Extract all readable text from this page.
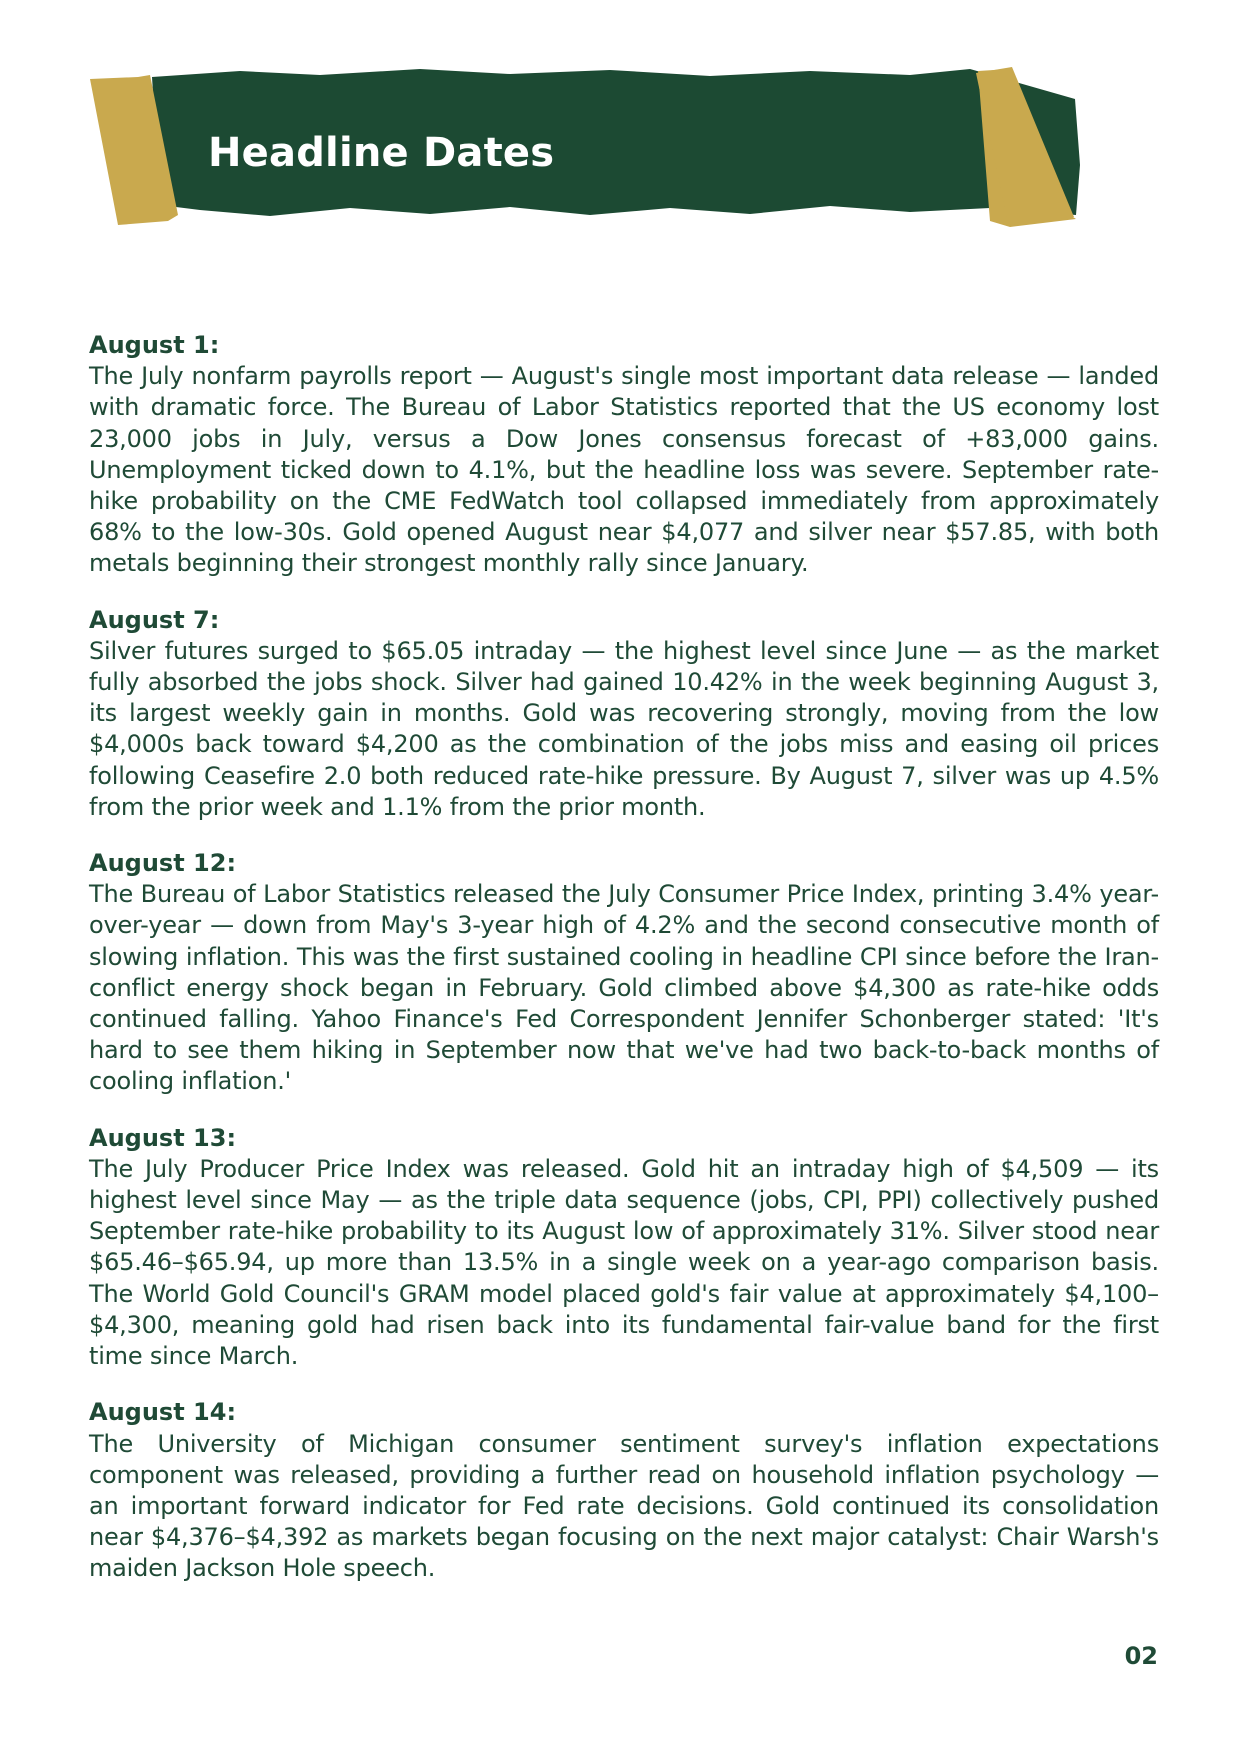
Headline Dates
August 1:
The July nonfarm payrolls report — August's single most important data release — landed with dramatic force. The Bureau of Labor Statistics reported that the US economy lost 23,000 jobs in July, versus a Dow Jones consensus forecast of +83,000 gains. Unemployment ticked down to 4.1%, but the headline loss was severe. September rate-hike probability on the CME FedWatch tool collapsed immediately from approximately 68% to the low-30s. Gold opened August near $4,077 and silver near $57.85, with both metals beginning their strongest monthly rally since January.
August 7:
Silver futures surged to $65.05 intraday — the highest level since June — as the market fully absorbed the jobs shock. Silver had gained 10.42% in the week beginning August 3, its largest weekly gain in months. Gold was recovering strongly, moving from the low $4,000s back toward $4,200 as the combination of the jobs miss and easing oil prices following Ceasefire 2.0 both reduced rate-hike pressure. By August 7, silver was up 4.5% from the prior week and 1.1% from the prior month.
August 12:
The Bureau of Labor Statistics released the July Consumer Price Index, printing 3.4% year-over-year — down from May's 3-year high of 4.2% and the second consecutive month of slowing inflation. This was the first sustained cooling in headline CPI since before the Iran-conflict energy shock began in February. Gold climbed above $4,300 as rate-hike odds continued falling. Yahoo Finance's Fed Correspondent Jennifer Schonberger stated: 'It's hard to see them hiking in September now that we've had two back-to-back months of cooling inflation.'
August 13:
The July Producer Price Index was released. Gold hit an intraday high of $4,509 — its highest level since May — as the triple data sequence (jobs, CPI, PPI) collectively pushed September rate-hike probability to its August low of approximately 31%. Silver stood near $65.46–$65.94, up more than 13.5% in a single week on a year-ago comparison basis. The World Gold Council's GRAM model placed gold's fair value at approximately $4,100–$4,300, meaning gold had risen back into its fundamental fair-value band for the first time since March.
August 14:
The University of Michigan consumer sentiment survey's inflation expectations component was released, providing a further read on household inflation psychology — an important forward indicator for Fed rate decisions. Gold continued its consolidation near $4,376–$4,392 as markets began focusing on the next major catalyst: Chair Warsh's maiden Jackson Hole speech.
02
